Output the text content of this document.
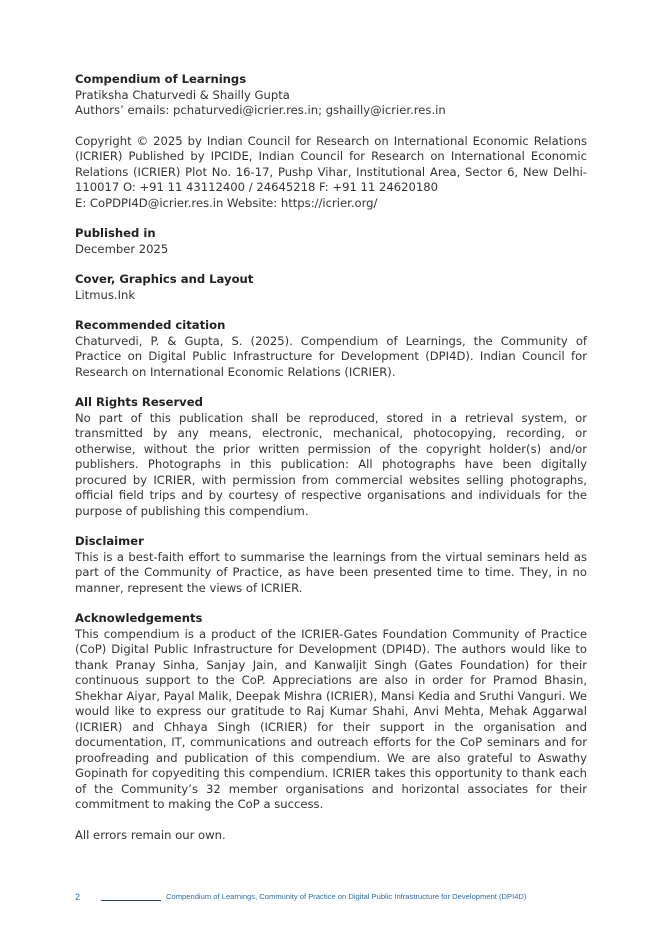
Compendium of Learnings
Pratiksha Chaturvedi & Shailly Gupta
Authors’ emails: pchaturvedi@icrier.res.in; gshailly@icrier.res.in
Copyright © 2025 by Indian Council for Research on International Economic Relations (ICRIER) Published by IPCIDE, Indian Council for Research on International Economic Relations (ICRIER) Plot No. 16-17, Pushp Vihar, Institutional Area, Sector 6, New Delhi-110017 O: +91 11 43112400 / 24645218 F: +91 11 24620180
E: CoPDPI4D@icrier.res.in Website: https://icrier.org/
Published in
December 2025
Cover, Graphics and Layout
Litmus.Ink
Recommended citation
Chaturvedi, P. & Gupta, S. (2025). Compendium of Learnings, the Community of Practice on Digital Public Infrastructure for Development (DPI4D). Indian Council for Research on International Economic Relations (ICRIER).
All Rights Reserved
No part of this publication shall be reproduced, stored in a retrieval system, or transmitted by any means, electronic, mechanical, photocopying, recording, or otherwise, without the prior written permission of the copyright holder(s) and/or publishers. Photographs in this publication: All photographs have been digitally procured by ICRIER, with permission from commercial websites selling photographs, official field trips and by courtesy of respective organisations and individuals for the purpose of publishing this compendium.
Disclaimer
This is a best-faith effort to summarise the learnings from the virtual seminars held as part of the Community of Practice, as have been presented time to time. They, in no manner, represent the views of ICRIER.
Acknowledgements
This compendium is a product of the ICRIER-Gates Foundation Community of Practice (CoP) Digital Public Infrastructure for Development (DPI4D). The authors would like to thank Pranay Sinha, Sanjay Jain, and Kanwaljit Singh (Gates Foundation) for their continuous support to the CoP. Appreciations are also in order for Pramod Bhasin, Shekhar Aiyar, Payal Malik, Deepak Mishra (ICRIER), Mansi Kedia and Sruthi Vanguri. We would like to express our gratitude to Raj Kumar Shahi, Anvi Mehta, Mehak Aggarwal (ICRIER) and Chhaya Singh (ICRIER) for their support in the organisation and documentation, IT, communications and outreach efforts for the CoP seminars and for proofreading and publication of this compendium. We are also grateful to Aswathy Gopinath for copyediting this compendium. ICRIER takes this opportunity to thank each of the Community’s 32 member organisations and horizontal associates for their commitment to making the CoP a success.
All errors remain our own.
2	Compendium of Learnings, Community of Practice on Digital Public Infrastructure for Development (DPI4D)
